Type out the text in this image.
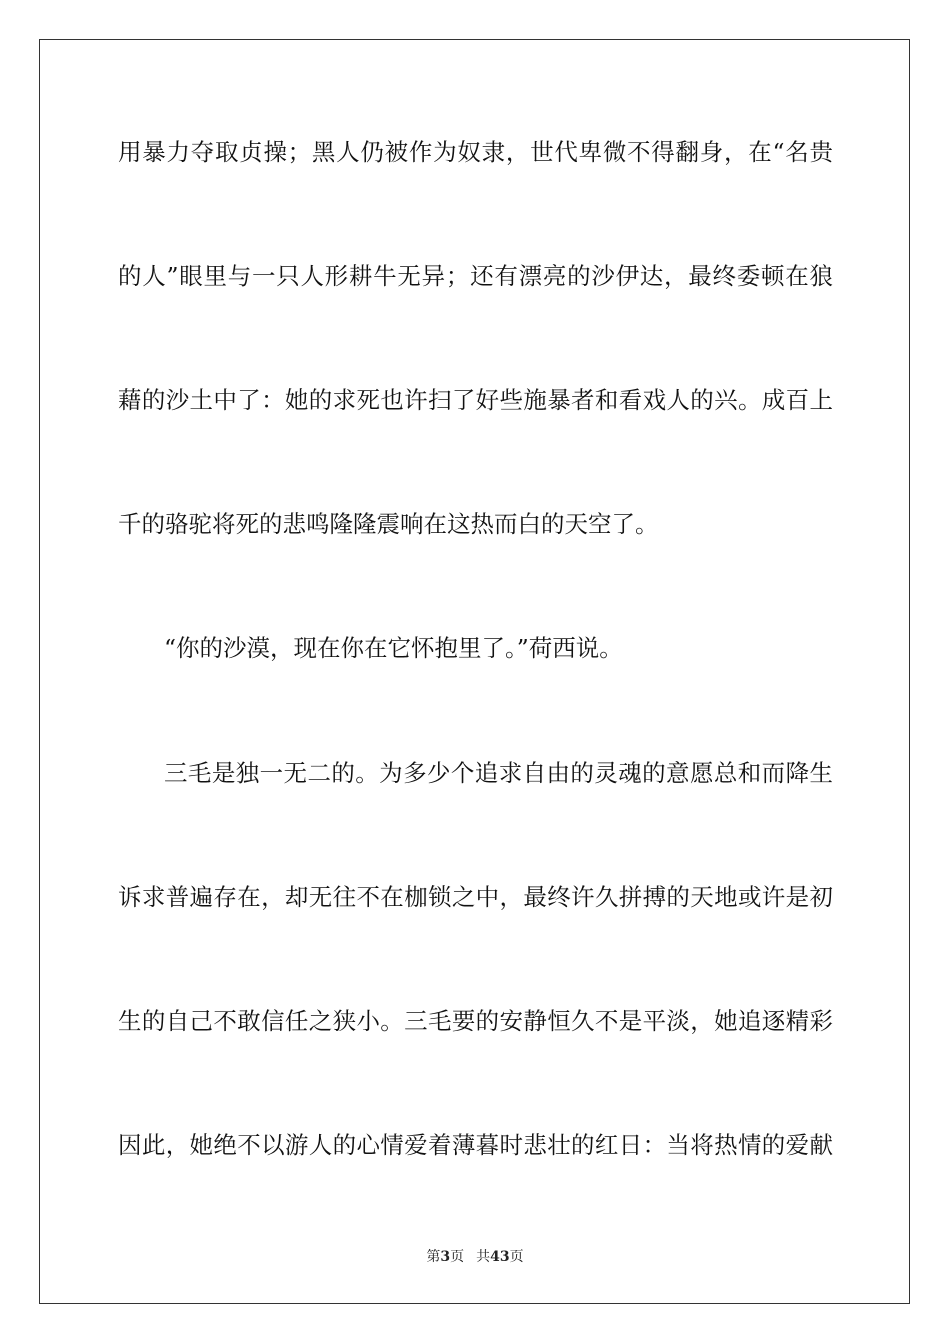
用暴力夺取贞操；黑人仍被作为奴隶，世代卑微不得翻身，在“名贵
的人”眼里与一只人形耕牛无异；还有漂亮的沙伊达，最终委顿在狼
藉的沙土中了：她的求死也许扫了好些施暴者和看戏人的兴。成百上
千的骆驼将死的悲鸣隆隆震响在这热而白的天空了。
“你的沙漠，现在你在它怀抱里了。”荷西说。
三毛是独一无二的。为多少个追求自由的灵魂的意愿总和而降生
诉求普遍存在，却无往不在枷锁之中，最终许久拼搏的天地或许是初
生的自己不敢信任之狭小。三毛要的安静恒久不是平淡，她追逐精彩
因此，她绝不以游人的心情爱着薄暮时悲壮的红日：当将热情的爱献
第3页 共43页
